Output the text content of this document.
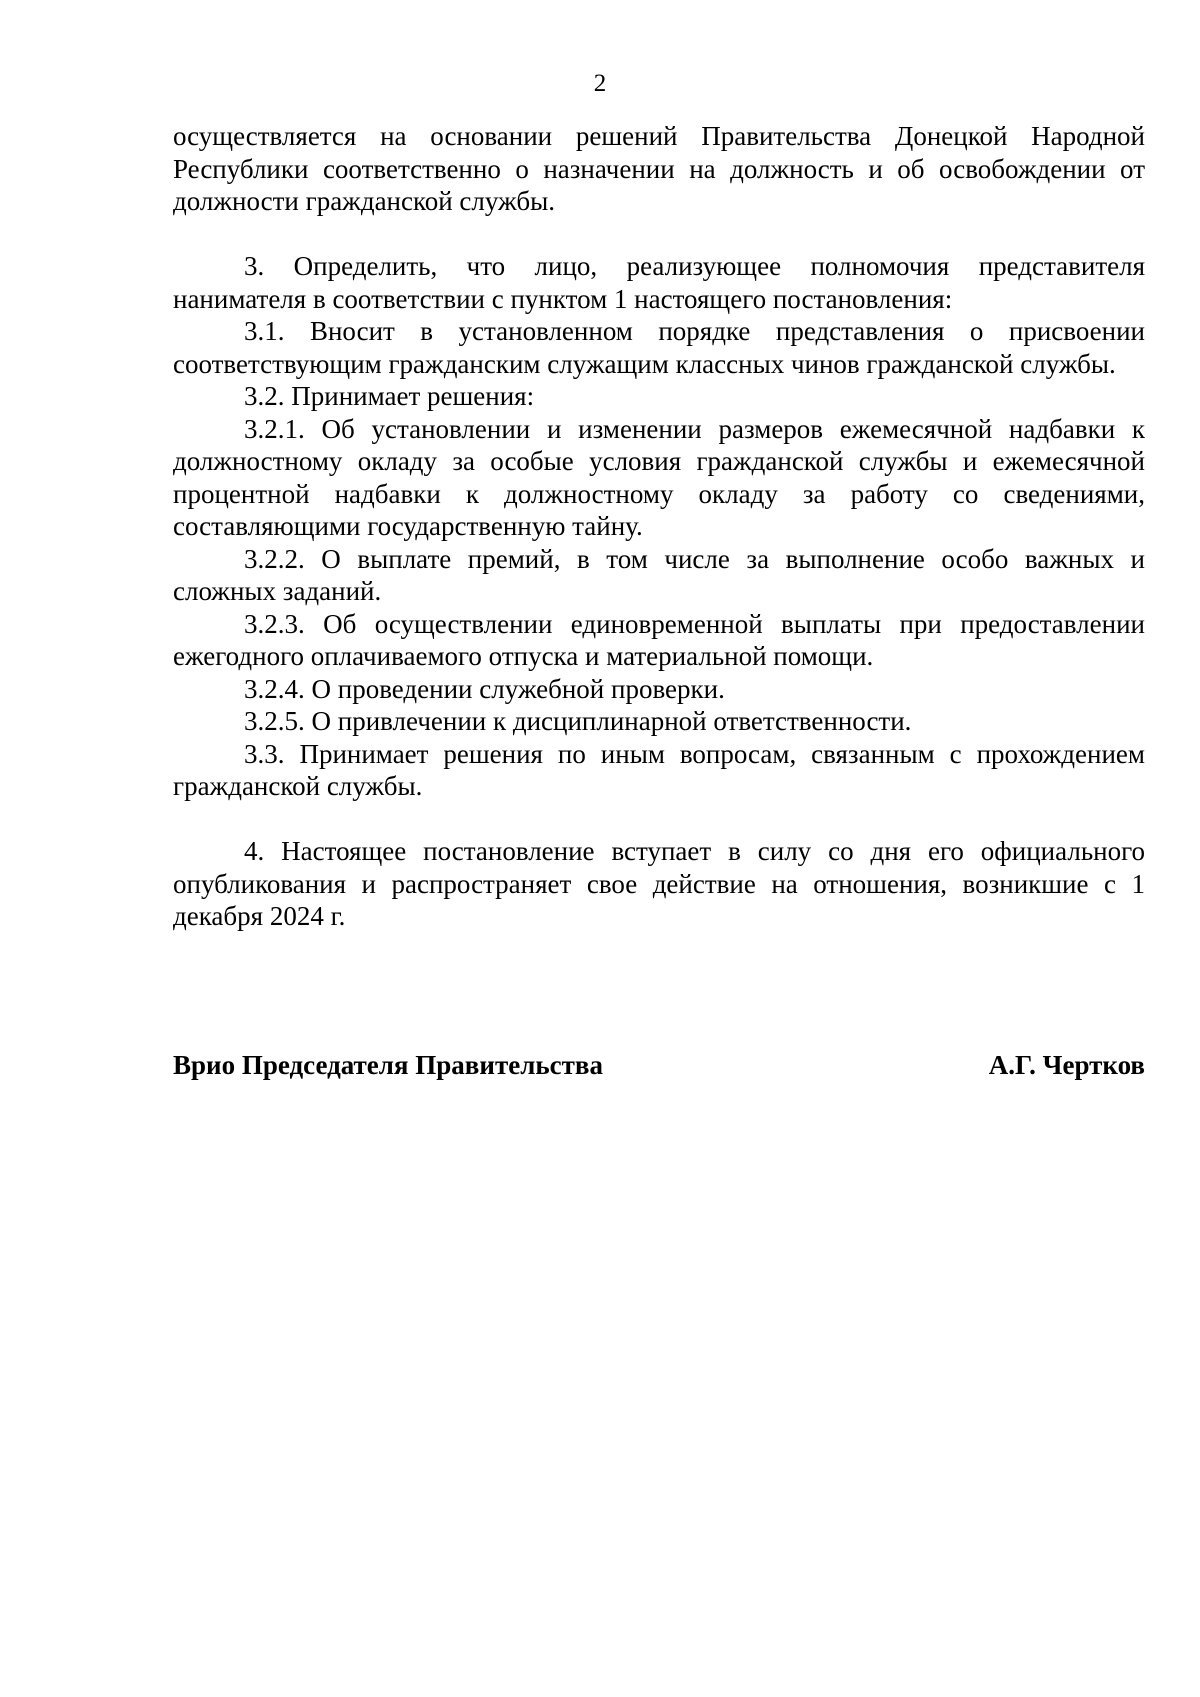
2

осуществляется на основании решений Правительства Донецкой Народной Республики соответственно о назначении на должность и об освобождении от должности гражданской службы.

3. Определить, что лицо, реализующее полномочия представителя нанимателя в соответствии с пунктом 1 настоящего постановления:

3.1. Вносит в установленном порядке представления о присвоении соответствующим гражданским служащим классных чинов гражданской службы.

3.2. Принимает решения:

3.2.1. Об установлении и изменении размеров ежемесячной надбавки к должностному окладу за особые условия гражданской службы и ежемесячной процентной надбавки к должностному окладу за работу со сведениями, составляющими государственную тайну.

3.2.2. О выплате премий, в том числе за выполнение особо важных и сложных заданий.

3.2.3. Об осуществлении единовременной выплаты при предоставлении ежегодного оплачиваемого отпуска и материальной помощи.

3.2.4. О проведении служебной проверки.

3.2.5. О привлечении к дисциплинарной ответственности.

3.3. Принимает решения по иным вопросам, связанным с прохождением гражданской службы.

4. Настоящее постановление вступает в силу со дня его официального опубликования и распространяет свое действие на отношения, возникшие с 1 декабря 2024 г.

Врио Председателя Правительства	А.Г. Чертков
